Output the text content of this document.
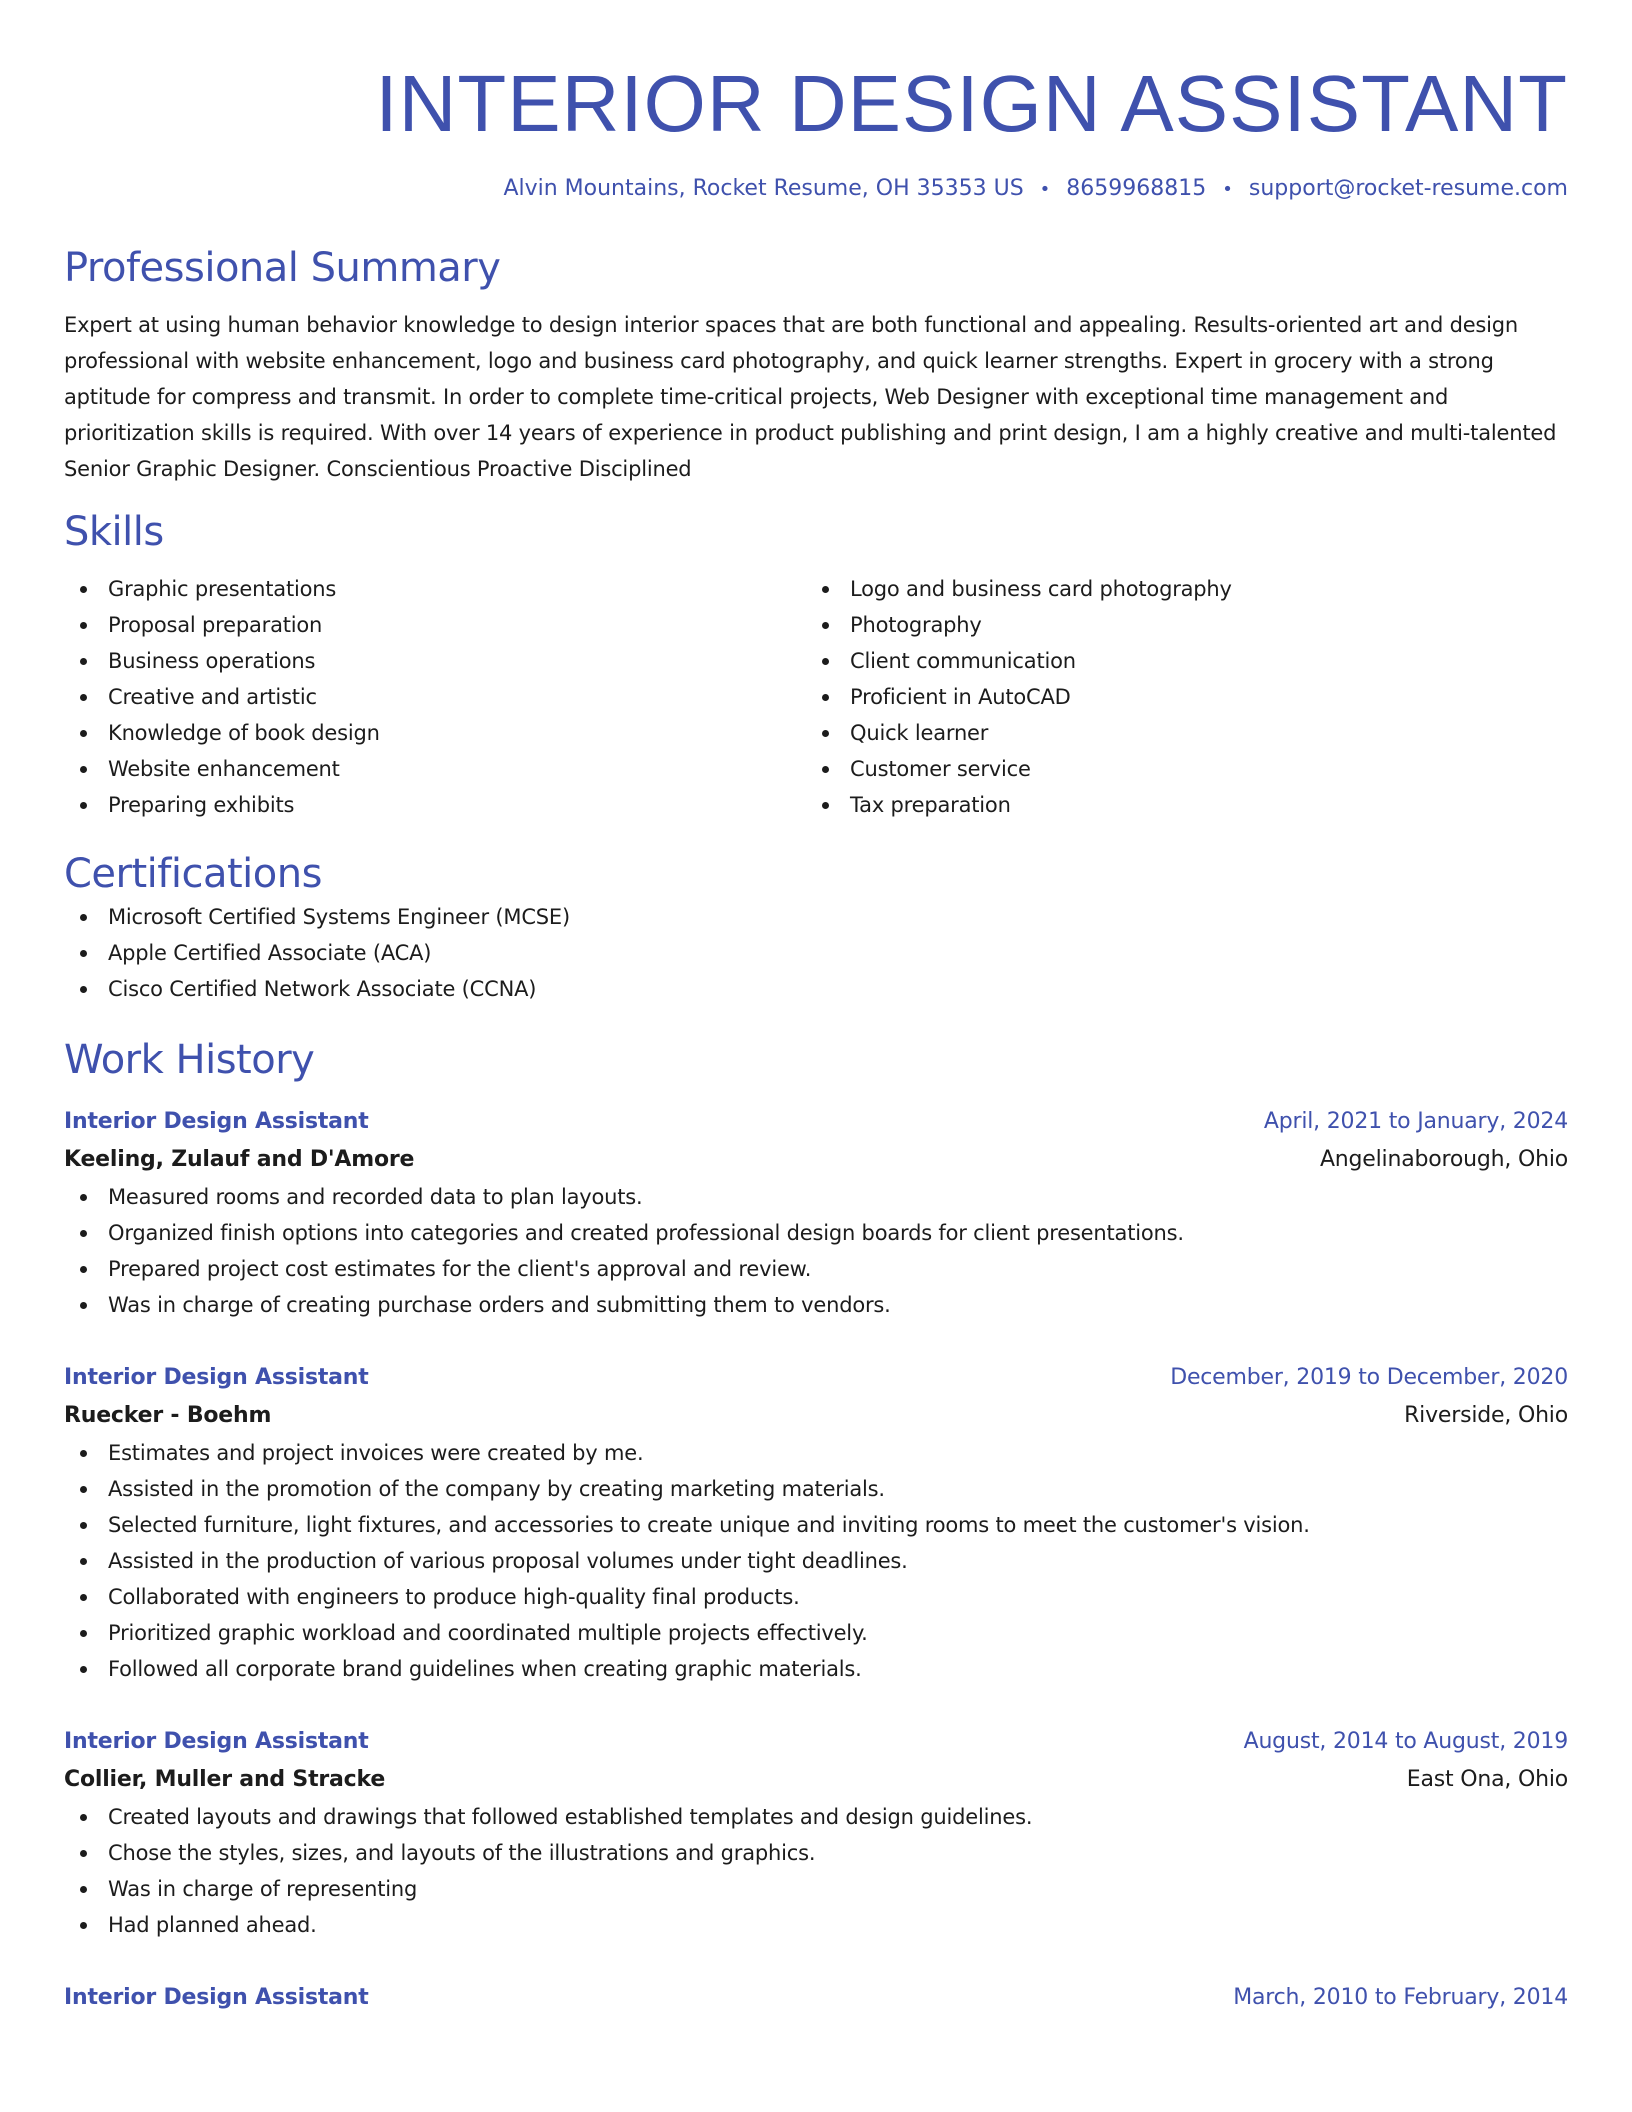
INTERIOR DESIGN ASSISTANT
Alvin Mountains, Rocket Resume, OH 35353 US • 8659968815 • support@rocket-resume.com
Professional Summary
Expert at using human behavior knowledge to design interior spaces that are both functional and appealing. Results-oriented art and design professional with website enhancement, logo and business card photography, and quick learner strengths. Expert in grocery with a strong aptitude for compress and transmit. In order to complete time-critical projects, Web Designer with exceptional time management and prioritization skills is required. With over 14 years of experience in product publishing and print design, I am a highly creative and multi-talented Senior Graphic Designer. Conscientious Proactive Disciplined
Skills
Graphic presentations
Proposal preparation
Business operations
Creative and artistic
Knowledge of book design
Website enhancement
Preparing exhibits
Logo and business card photography
Photography
Client communication
Proficient in AutoCAD
Quick learner
Customer service
Tax preparation
Certifications
Microsoft Certified Systems Engineer (MCSE)
Apple Certified Associate (ACA)
Cisco Certified Network Associate (CCNA)
Work History
Interior Design Assistant	April, 2021 to January, 2024
Keeling, Zulauf and D'Amore	Angelinaborough, Ohio
Measured rooms and recorded data to plan layouts.
Organized finish options into categories and created professional design boards for client presentations.
Prepared project cost estimates for the client's approval and review.
Was in charge of creating purchase orders and submitting them to vendors.
Interior Design Assistant	December, 2019 to December, 2020
Ruecker - Boehm	Riverside, Ohio
Estimates and project invoices were created by me.
Assisted in the promotion of the company by creating marketing materials.
Selected furniture, light fixtures, and accessories to create unique and inviting rooms to meet the customer's vision.
Assisted in the production of various proposal volumes under tight deadlines.
Collaborated with engineers to produce high-quality final products.
Prioritized graphic workload and coordinated multiple projects effectively.
Followed all corporate brand guidelines when creating graphic materials.
Interior Design Assistant	August, 2014 to August, 2019
Collier, Muller and Stracke	East Ona, Ohio
Created layouts and drawings that followed established templates and design guidelines.
Chose the styles, sizes, and layouts of the illustrations and graphics.
Was in charge of representing
Had planned ahead.
Interior Design Assistant	March, 2010 to February, 2014
